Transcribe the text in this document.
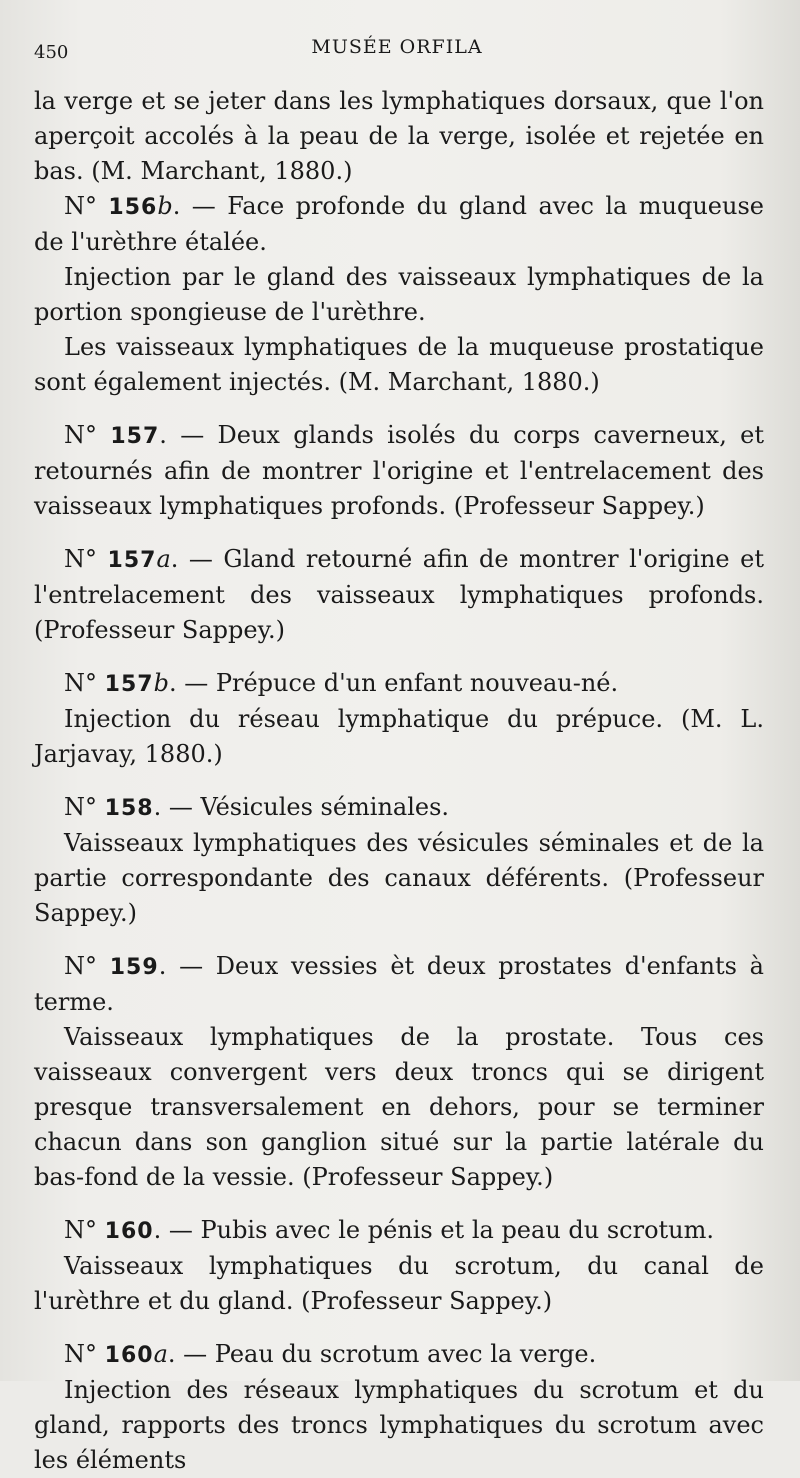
450	MUSÉE ORFILA

la verge et se jeter dans les lymphatiques dorsaux, que l'on aperçoit accolés à la peau de la verge, isolée et rejetée en bas. (M. Marchant, 1880.)

N° 156b. — Face profonde du gland avec la muqueuse de l'urèthre étalée.

Injection par le gland des vaisseaux lymphatiques de la portion spongieuse de l'urèthre.

Les vaisseaux lymphatiques de la muqueuse prostatique sont également injectés. (M. Marchant, 1880.)

N° 157. — Deux glands isolés du corps caverneux, et retournés afin de montrer l'origine et l'entrelacement des vaisseaux lymphatiques profonds. (Professeur Sappey.)

N° 157a. — Gland retourné afin de montrer l'origine et l'entrelacement des vaisseaux lymphatiques profonds. (Professeur Sappey.)

N° 157b. — Prépuce d'un enfant nouveau-né.

Injection du réseau lymphatique du prépuce. (M. L. Jarjavay, 1880.)

N° 158. — Vésicules séminales.

Vaisseaux lymphatiques des vésicules séminales et de la partie correspondante des canaux déférents. (Professeur Sappey.)

N° 159. — Deux vessies èt deux prostates d'enfants à terme.

Vaisseaux lymphatiques de la prostate. Tous ces vaisseaux convergent vers deux troncs qui se dirigent presque transversalement en dehors, pour se terminer chacun dans son ganglion situé sur la partie latérale du bas-fond de la vessie. (Professeur Sappey.)

N° 160. — Pubis avec le pénis et la peau du scrotum.

Vaisseaux lymphatiques du scrotum, du canal de l'urèthre et du gland. (Professeur Sappey.)

N° 160a. — Peau du scrotum avec la verge.

Injection des réseaux lymphatiques du scrotum et du gland, rapports des troncs lymphatiques du scrotum avec les éléments
